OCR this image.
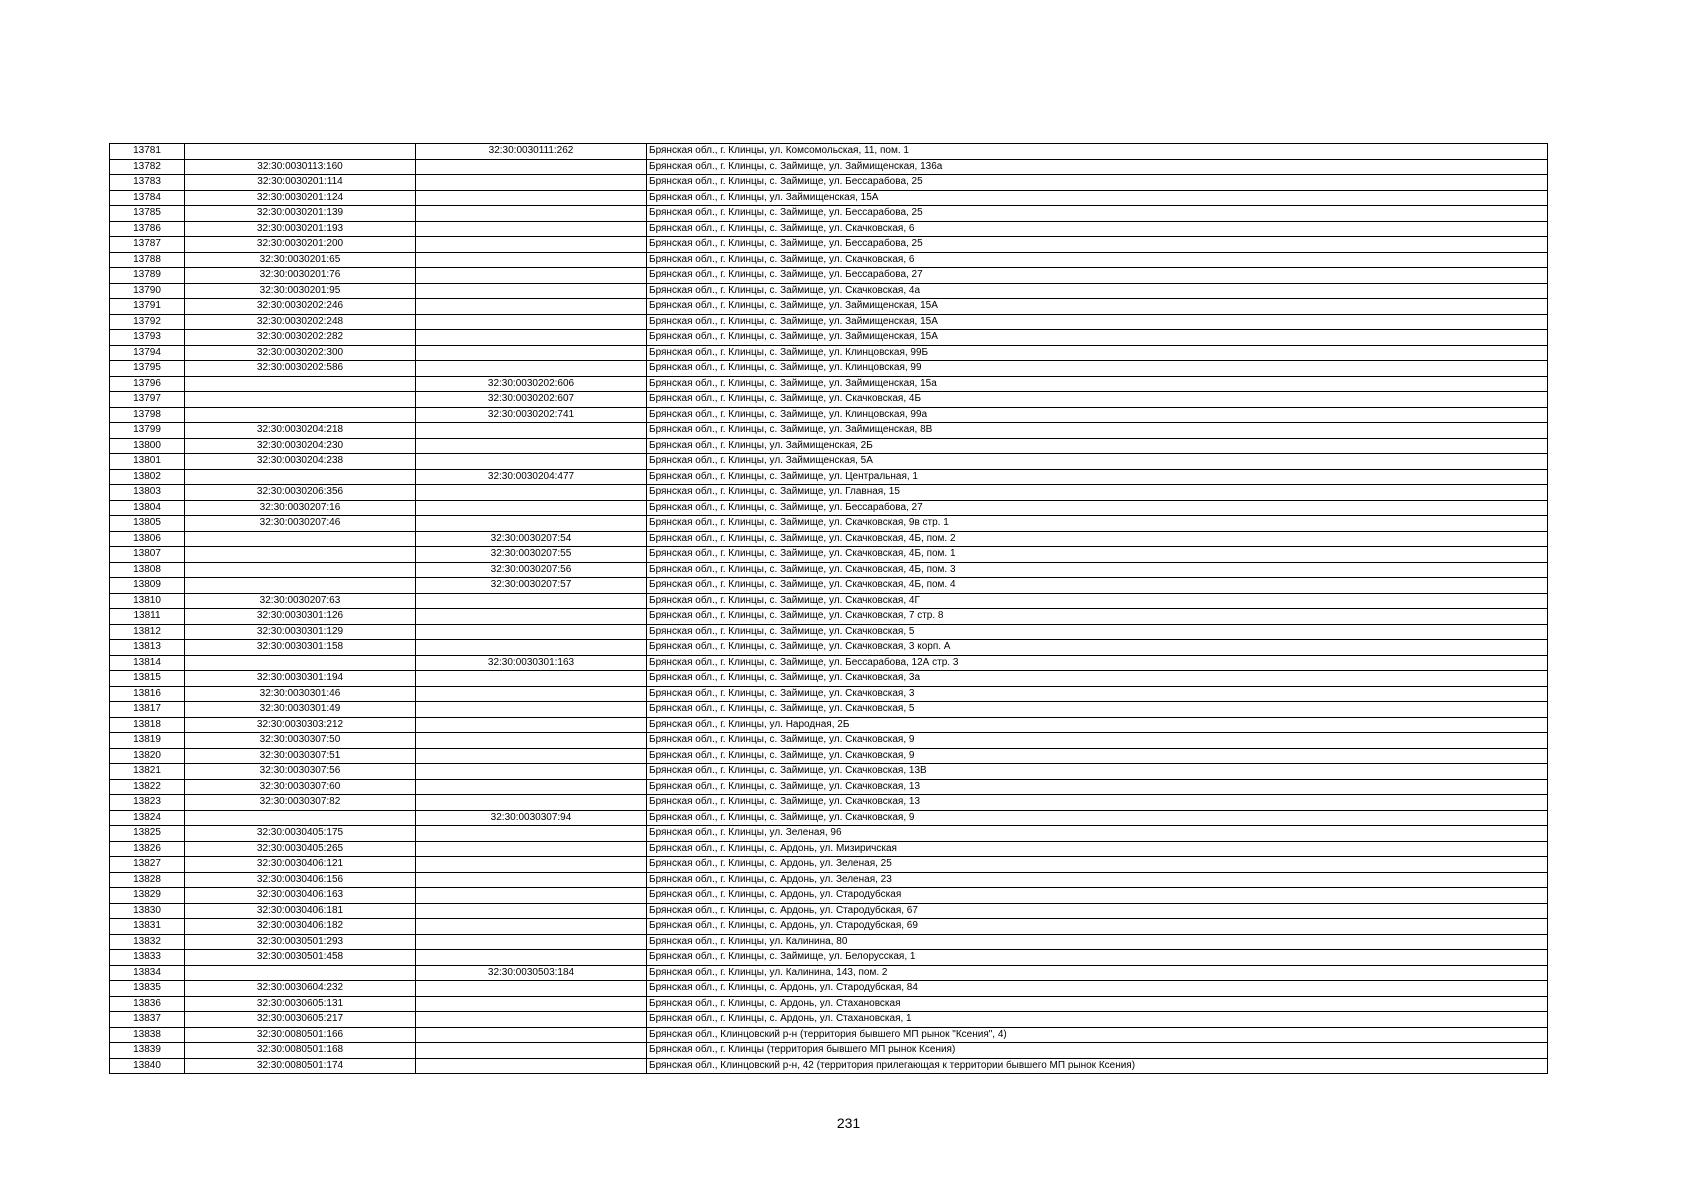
13781		32:30:0030111:262	Брянская обл., г. Клинцы, ул. Комсомольская, 11, пом. 1
13782	32:30:0030113:160		Брянская обл., г. Клинцы, с. Займище, ул. Займищенская, 136а
13783	32:30:0030201:114		Брянская обл., г. Клинцы, с. Займище, ул. Бессарабова, 25
13784	32:30:0030201:124		Брянская обл., г. Клинцы, ул. Займищенская, 15А
13785	32:30:0030201:139		Брянская обл., г. Клинцы, с. Займище, ул. Бессарабова, 25
13786	32:30:0030201:193		Брянская обл., г. Клинцы, с. Займище, ул. Скачковская, 6
13787	32:30:0030201:200		Брянская обл., г. Клинцы, с. Займище, ул. Бессарабова, 25
13788	32:30:0030201:65		Брянская обл., г. Клинцы, с. Займище, ул. Скачковская, 6
13789	32:30:0030201:76		Брянская обл., г. Клинцы, с. Займище, ул. Бессарабова, 27
13790	32:30:0030201:95		Брянская обл., г. Клинцы, с. Займище, ул. Скачковская, 4а
13791	32:30:0030202:246		Брянская обл., г. Клинцы, с. Займище, ул. Займищенская, 15А
13792	32:30:0030202:248		Брянская обл., г. Клинцы, с. Займище, ул. Займищенская, 15А
13793	32:30:0030202:282		Брянская обл., г. Клинцы, с. Займище, ул. Займищенская, 15А
13794	32:30:0030202:300		Брянская обл., г. Клинцы, с. Займище, ул. Клинцовская, 99Б
13795	32:30:0030202:586		Брянская обл., г. Клинцы, с. Займище, ул. Клинцовская, 99
13796		32:30:0030202:606	Брянская обл., г. Клинцы, с. Займище, ул. Займищенская, 15а
13797		32:30:0030202:607	Брянская обл., г. Клинцы, с. Займище, ул. Скачковская, 4Б
13798		32:30:0030202:741	Брянская обл., г. Клинцы, с. Займище, ул. Клинцовская, 99а
13799	32:30:0030204:218		Брянская обл., г. Клинцы, с. Займище, ул. Займищенская, 8В
13800	32:30:0030204:230		Брянская обл., г. Клинцы, ул. Займищенская, 2Б
13801	32:30:0030204:238		Брянская обл., г. Клинцы, ул. Займищенская, 5А
13802		32:30:0030204:477	Брянская обл., г. Клинцы, с. Займище, ул. Центральная, 1
13803	32:30:0030206:356		Брянская обл., г. Клинцы, с. Займище, ул. Главная, 15
13804	32:30:0030207:16		Брянская обл., г. Клинцы, с. Займище, ул. Бессарабова, 27
13805	32:30:0030207:46		Брянская обл., г. Клинцы, с. Займище, ул. Скачковская, 9в стр. 1
13806		32:30:0030207:54	Брянская обл., г. Клинцы, с. Займище, ул. Скачковская, 4Б, пом. 2
13807		32:30:0030207:55	Брянская обл., г. Клинцы, с. Займище, ул. Скачковская, 4Б, пом. 1
13808		32:30:0030207:56	Брянская обл., г. Клинцы, с. Займище, ул. Скачковская, 4Б, пом. 3
13809		32:30:0030207:57	Брянская обл., г. Клинцы, с. Займище, ул. Скачковская, 4Б, пом. 4
13810	32:30:0030207:63		Брянская обл., г. Клинцы, с. Займище, ул. Скачковская, 4Г
13811	32:30:0030301:126		Брянская обл., г. Клинцы, с. Займище, ул. Скачковская, 7 стр. 8
13812	32:30:0030301:129		Брянская обл., г. Клинцы, с. Займище, ул. Скачковская, 5
13813	32:30:0030301:158		Брянская обл., г. Клинцы, с. Займище, ул. Скачковская, 3 корп. А
13814		32:30:0030301:163	Брянская обл., г. Клинцы, с. Займище, ул. Бессарабова, 12А стр. 3
13815	32:30:0030301:194		Брянская обл., г. Клинцы, с. Займище, ул. Скачковская, 3а
13816	32:30:0030301:46		Брянская обл., г. Клинцы, с. Займище, ул. Скачковская, 3
13817	32:30:0030301:49		Брянская обл., г. Клинцы, с. Займище, ул. Скачковская, 5
13818	32:30:0030303:212		Брянская обл., г. Клинцы, ул. Народная, 2Б
13819	32:30:0030307:50		Брянская обл., г. Клинцы, с. Займище, ул. Скачковская, 9
13820	32:30:0030307:51		Брянская обл., г. Клинцы, с. Займище, ул. Скачковская, 9
13821	32:30:0030307:56		Брянская обл., г. Клинцы, с. Займище, ул. Скачковская, 13В
13822	32:30:0030307:60		Брянская обл., г. Клинцы, с. Займище, ул. Скачковская, 13
13823	32:30:0030307:82		Брянская обл., г. Клинцы, с. Займище, ул. Скачковская, 13
13824		32:30:0030307:94	Брянская обл., г. Клинцы, с. Займище, ул. Скачковская, 9
13825	32:30:0030405:175		Брянская обл., г. Клинцы, ул. Зеленая, 96
13826	32:30:0030405:265		Брянская обл., г. Клинцы, с. Ардонь, ул. Мизиричская
13827	32:30:0030406:121		Брянская обл., г. Клинцы, с. Ардонь, ул. Зеленая, 25
13828	32:30:0030406:156		Брянская обл., г. Клинцы, с. Ардонь, ул. Зеленая, 23
13829	32:30:0030406:163		Брянская обл., г. Клинцы, с. Ардонь, ул. Стародубская
13830	32:30:0030406:181		Брянская обл., г. Клинцы, с. Ардонь, ул. Стародубская, 67
13831	32:30:0030406:182		Брянская обл., г. Клинцы, с. Ардонь, ул. Стародубская, 69
13832	32:30:0030501:293		Брянская обл., г. Клинцы, ул. Калинина, 80
13833	32:30:0030501:458		Брянская обл., г. Клинцы, с. Займище, ул. Белорусская, 1
13834		32:30:0030503:184	Брянская обл., г. Клинцы, ул. Калинина, 143, пом. 2
13835	32:30:0030604:232		Брянская обл., г. Клинцы, с. Ардонь, ул. Стародубская, 84
13836	32:30:0030605:131		Брянская обл., г. Клинцы, с. Ардонь, ул. Стахановская
13837	32:30:0030605:217		Брянская обл., г. Клинцы, с. Ардонь, ул. Стахановская, 1
13838	32:30:0080501:166		Брянская обл., Клинцовский р-н (территория бывшего МП рынок "Ксения", 4)
13839	32:30:0080501:168		Брянская обл., г. Клинцы (территория бывшего МП рынок Ксения)
13840	32:30:0080501:174		Брянская обл., Клинцовский р-н, 42 (территория прилегающая к территории бывшего МП рынок Ксения)
231
